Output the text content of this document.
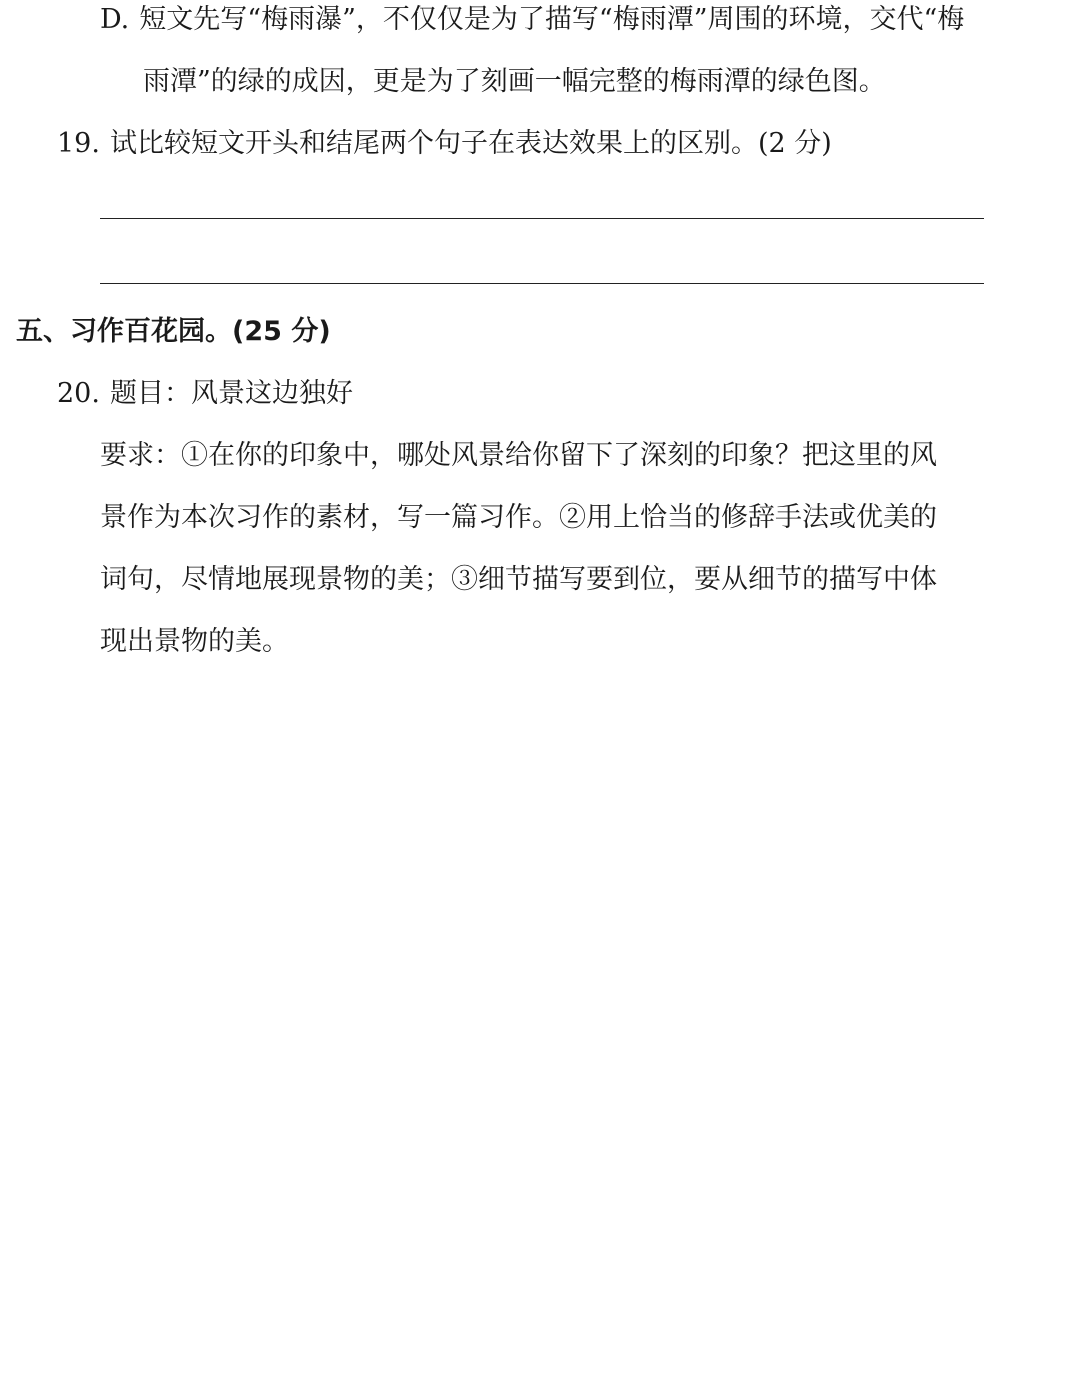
D. 短文先写“梅雨瀑”，不仅仅是为了描写“梅雨潭”周围的环境，交代“梅
雨潭”的绿的成因，更是为了刻画一幅完整的梅雨潭的绿色图。
19. 试比较短文开头和结尾两个句子在表达效果上的区别。(2 分)
五、习作百花园。(25 分)
20. 题目：风景这边独好
要求：①在你的印象中，哪处风景给你留下了深刻的印象？把这里的风
景作为本次习作的素材，写一篇习作。②用上恰当的修辞手法或优美的
词句，尽情地展现景物的美；③细节描写要到位，要从细节的描写中体
现出景物的美。
